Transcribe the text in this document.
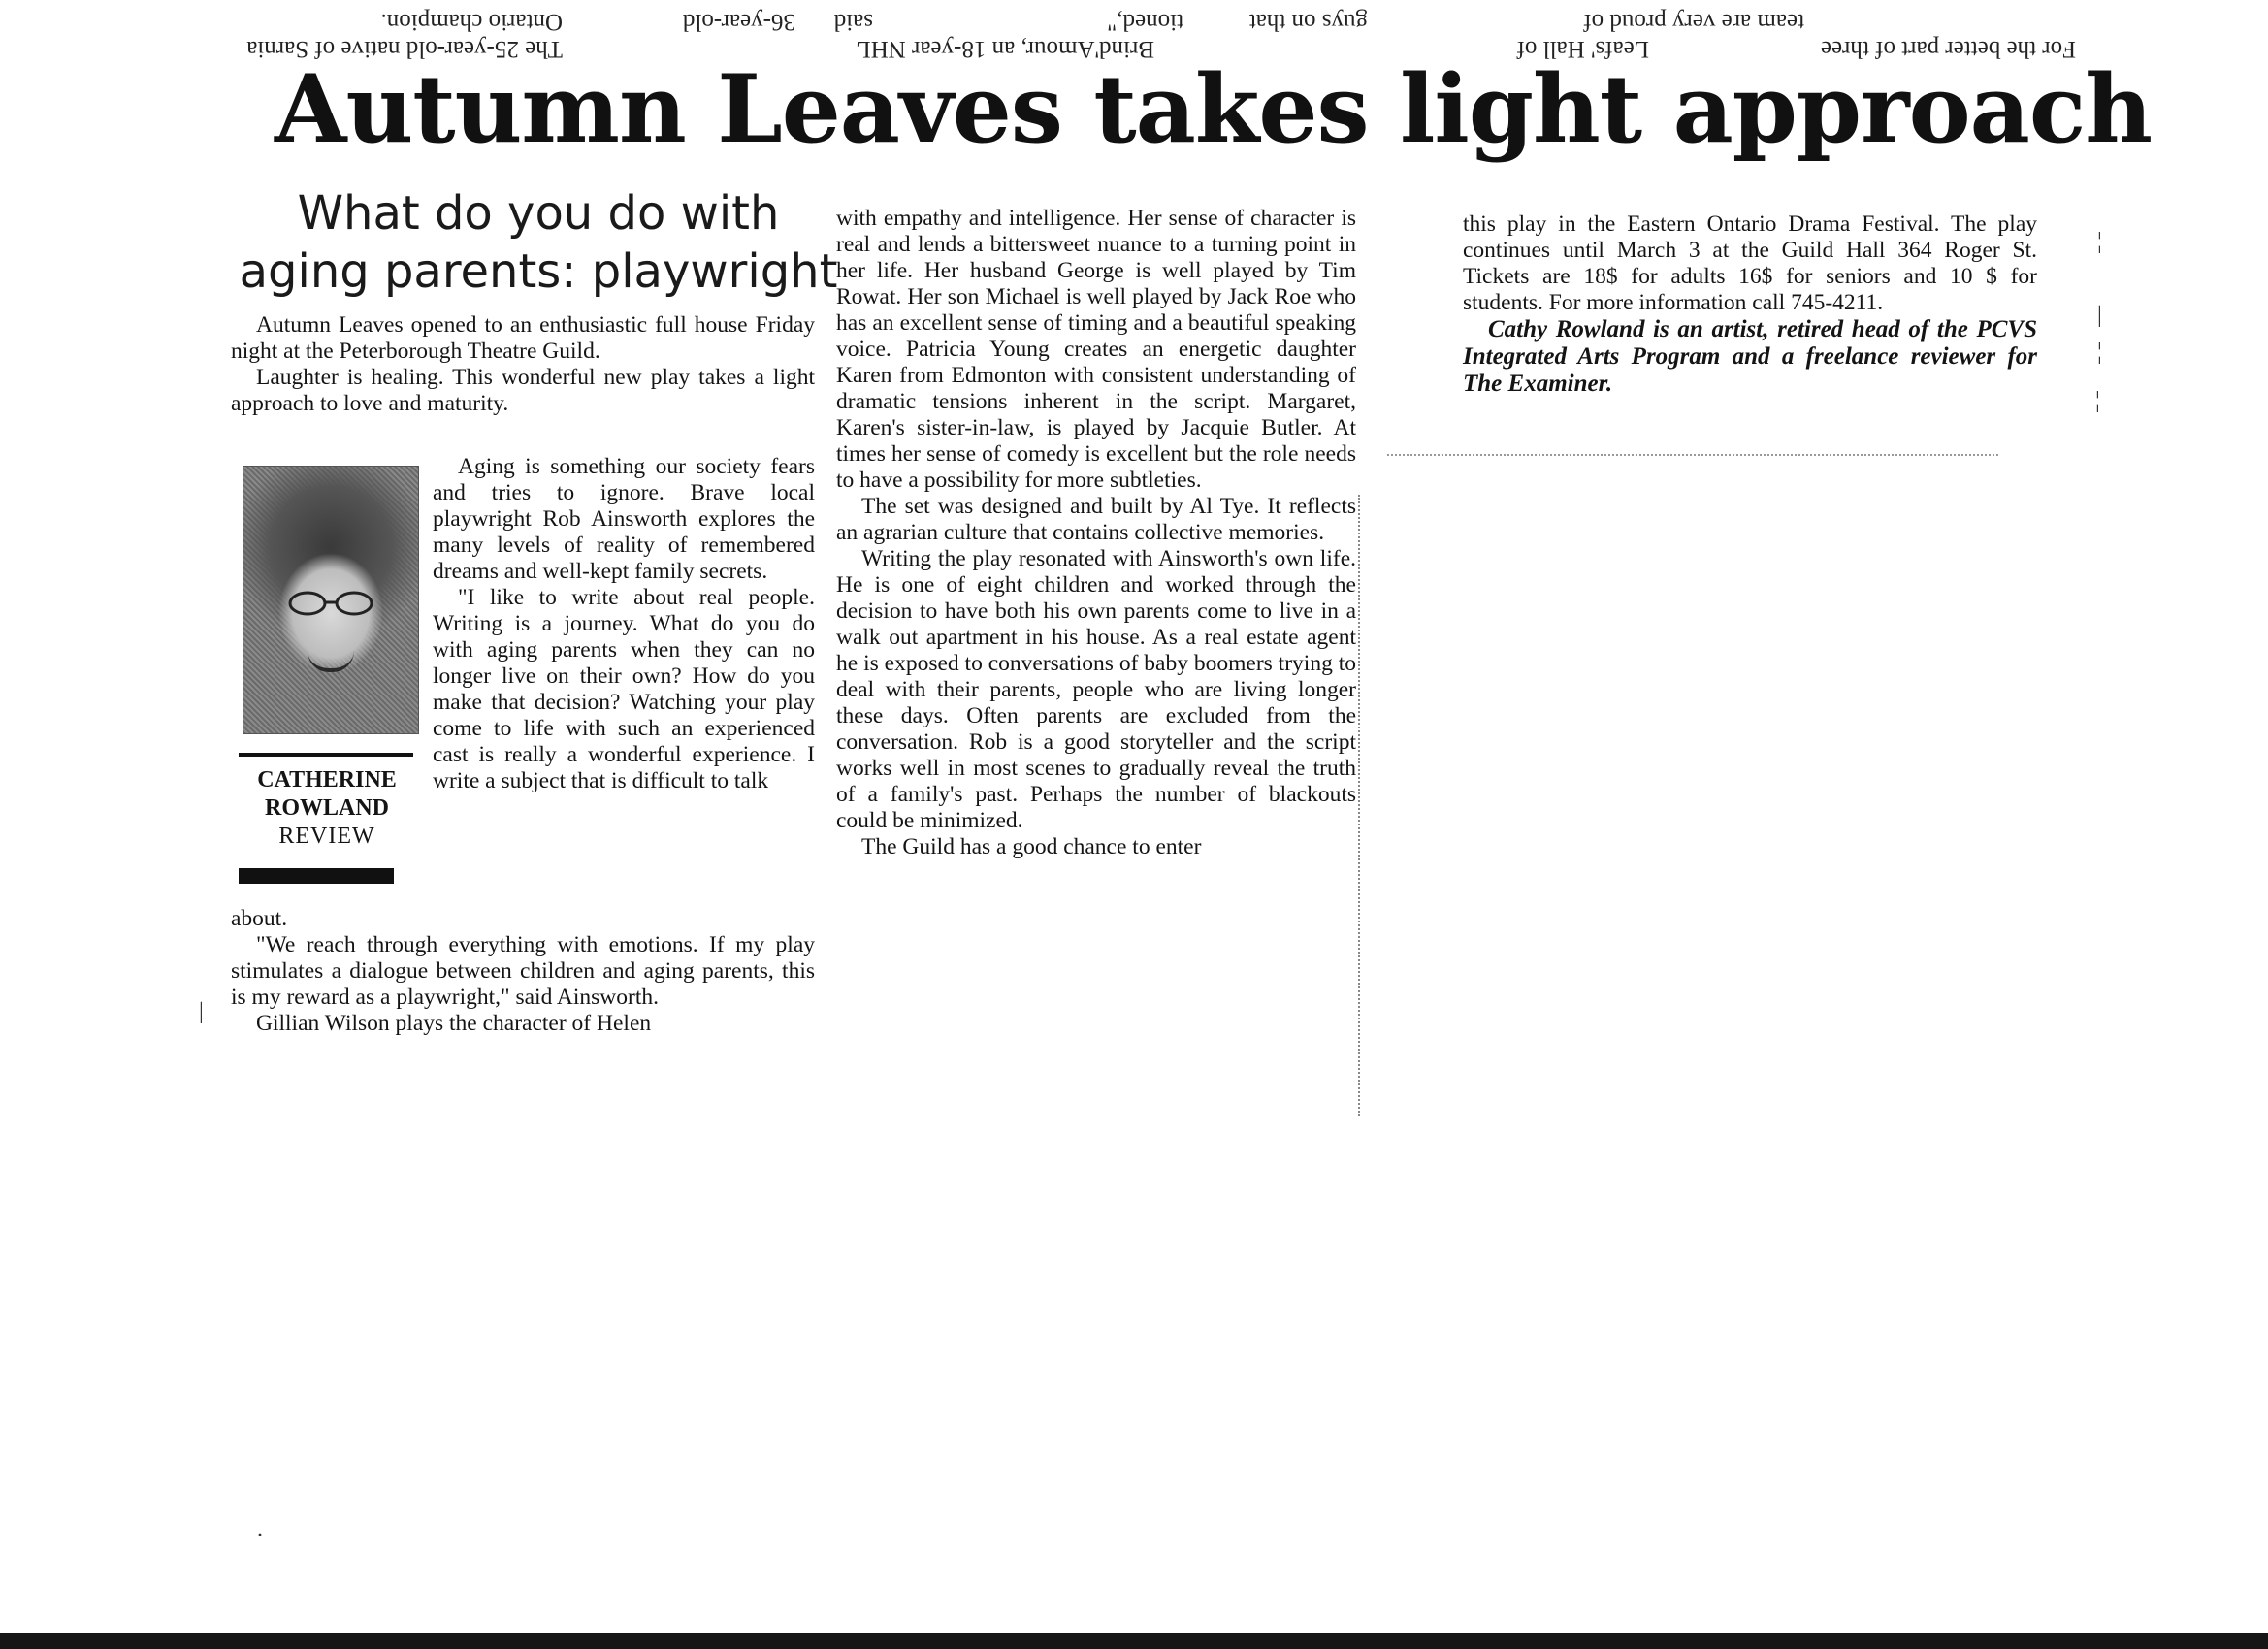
For the better part of three
team are very proud of
Leafs' Hall of
guys on that
tioned,"
Brind'Amour, an 18-year NHL
said
36-year-old
Ontario champion.
The 25-year-old native of Sarnia
Autumn Leaves takes light approach
What do you do with
aging parents: playwright

Autumn Leaves opened to an enthusiastic full house Friday night at the Peterborough Theatre Guild.

Laughter is healing. This wonderful new play takes a light approach to love and maturity.

Aging is something our society fears and tries to ignore. Brave local playwright Rob Ainsworth explores the many levels of reality of remembered dreams and well-kept family secrets.

"I like to write about real people. Writing is a journey. What do you do with aging parents when they can no longer live on their own? How do you make that decision? Watching your play come to life with such an experienced cast is really a wonderful experience. I write a subject that is difficult to talk

CATHERINE
ROWLAND
REVIEW

about.

"We reach through everything with emotions. If my play stimulates a dialogue between children and aging parents, this is my reward as a playwright," said Ainsworth.

Gillian Wilson plays the character of Helen

with empathy and intelligence. Her sense of character is real and lends a bittersweet nuance to a turning point in her life. Her husband George is well played by Tim Rowat. Her son Michael is well played by Jack Roe who has an excellent sense of timing and a beautiful speaking voice. Patricia Young creates an energetic daughter Karen from Edmonton with consistent understanding of dramatic tensions inherent in the script. Margaret, Karen's sister-in-law, is played by Jacquie Butler. At times her sense of comedy is excellent but the role needs to have a possibility for more subtleties.

The set was designed and built by Al Tye. It reflects an agrarian culture that contains collective memories.

Writing the play resonated with Ainsworth's own life. He is one of eight children and worked through the decision to have both his own parents come to live in a walk out apartment in his house. As a real estate agent he is exposed to conversations of baby boomers trying to deal with their parents, people who are living longer these days. Often parents are excluded from the conversation. Rob is a good storyteller and the script works well in most scenes to gradually reveal the truth of a family's past. Perhaps the number of blackouts could be minimized.

The Guild has a good chance to enter

this play in the Eastern Ontario Drama Festival. The play continues until March 3 at the Guild Hall 364 Roger St. Tickets are 18$ for adults 16$ for seniors and 10 $ for students. For more information call 745-4211.

Cathy Rowland is an artist, retired head of the PCVS Integrated Arts Program and a freelance reviewer for The Examiner.

|
¦
|
¦
¦
·
